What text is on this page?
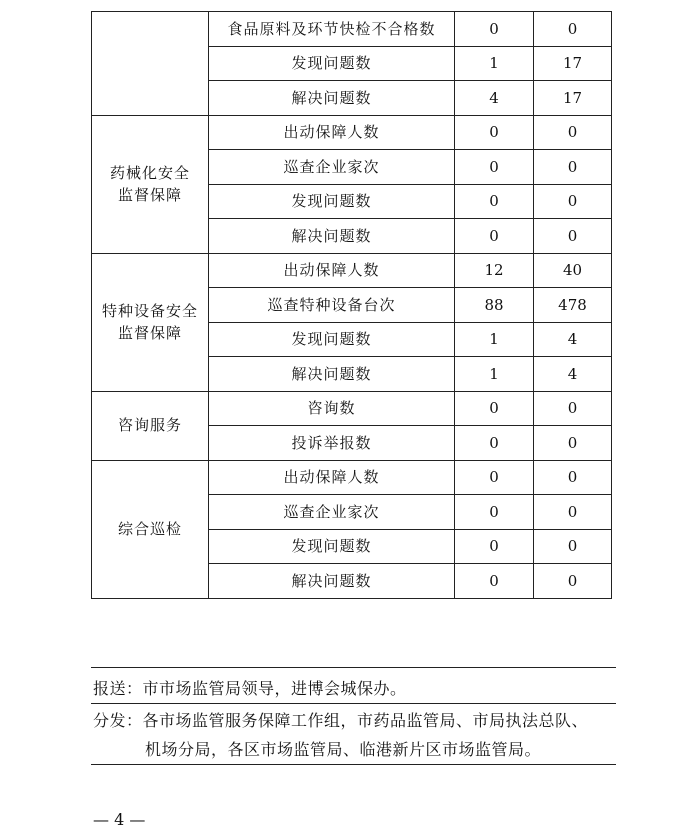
	食品原料及环节快检不合格数	0	0
	发现问题数	1	17
	解决问题数	4	17
药械化安全
监督保障	出动保障人数	0	0
	巡查企业家次	0	0
	发现问题数	0	0
	解决问题数	0	0
特种设备安全
监督保障	出动保障人数	12	40
	巡查特种设备台次	88	478
	发现问题数	1	4
	解决问题数	1	4
咨询服务	咨询数	0	0
	投诉举报数	0	0
综合巡检	出动保障人数	0	0
	巡查企业家次	0	0
	发现问题数	0	0
	解决问题数	0	0
报送：市市场监管局领导，进博会城保办。
分发：各市场监管服务保障工作组，市药品监管局、市局执法总队、
机场分局，各区市场监管局、临港新片区市场监管局。
— 4 —
